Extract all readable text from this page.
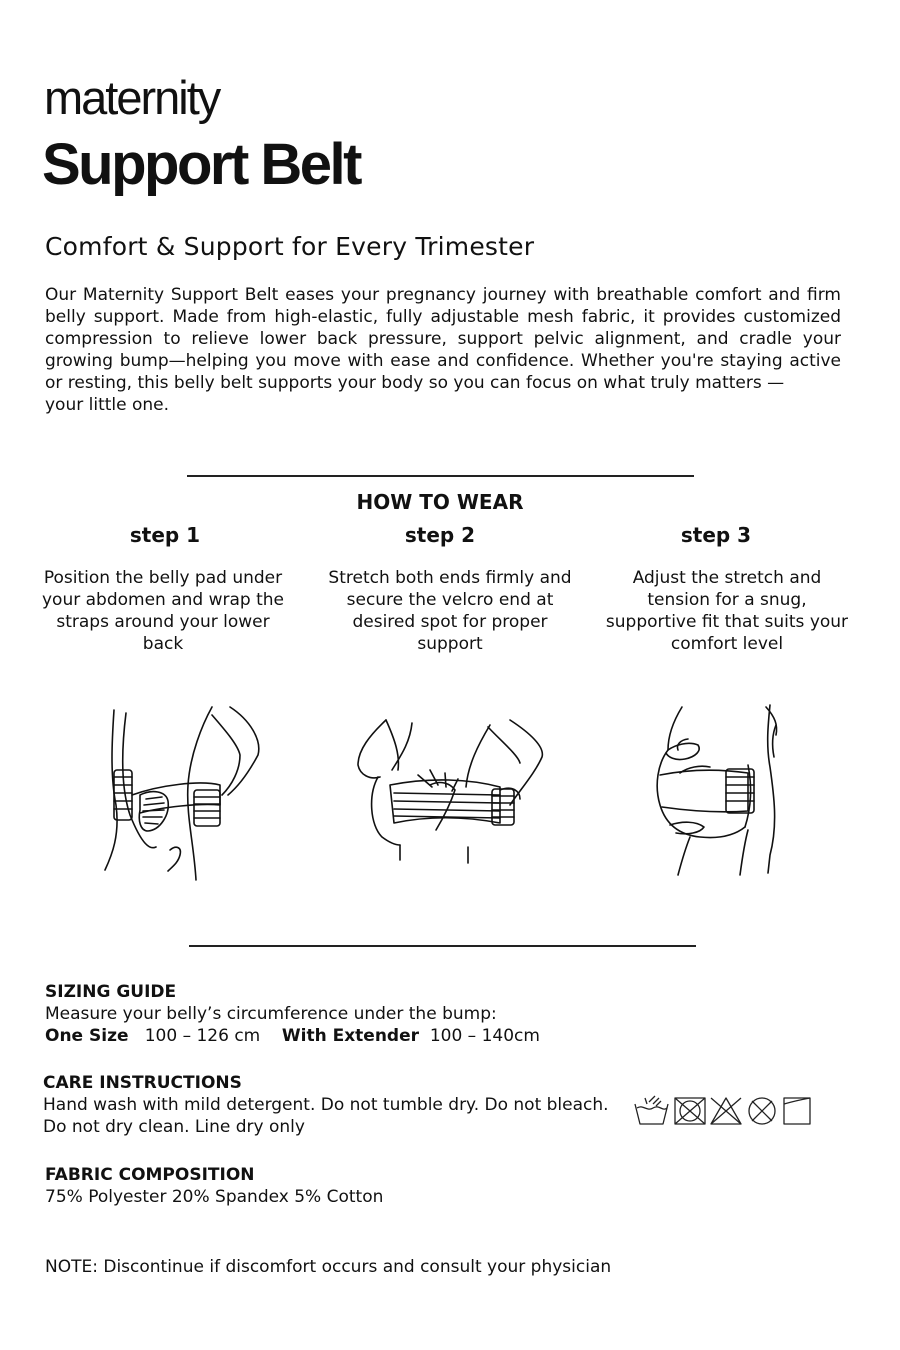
maternity
Support Belt
Comfort & Support for Every Trimester
Our Maternity Support Belt eases your pregnancy journey with breathable comfort and firm belly support. Made from high-elastic, fully adjustable mesh fabric, it provides customized compression to relieve lower back pressure, support pelvic alignment, and cradle your growing bump—helping you move with ease and confidence. Whether you're staying active or resting, this belly belt supports your body so you can focus on what truly matters —
your little one.
HOW TO WEAR
step 1	step 2	step 3
Position the belly pad under your abdomen and wrap the straps around your lower back
Stretch both ends firmly and secure the velcro end at desired spot for proper support
Adjust the stretch and tension for a snug, supportive fit that suits your comfort level
SIZING GUIDE
Measure your belly’s circumference under the bump:
One Size 100 – 126 cm With Extender 100 – 140cm
CARE INSTRUCTIONS
Hand wash with mild detergent. Do not tumble dry. Do not bleach.
Do not dry clean. Line dry only
FABRIC COMPOSITION
75% Polyester 20% Spandex 5% Cotton
NOTE: Discontinue if discomfort occurs and consult your physician
